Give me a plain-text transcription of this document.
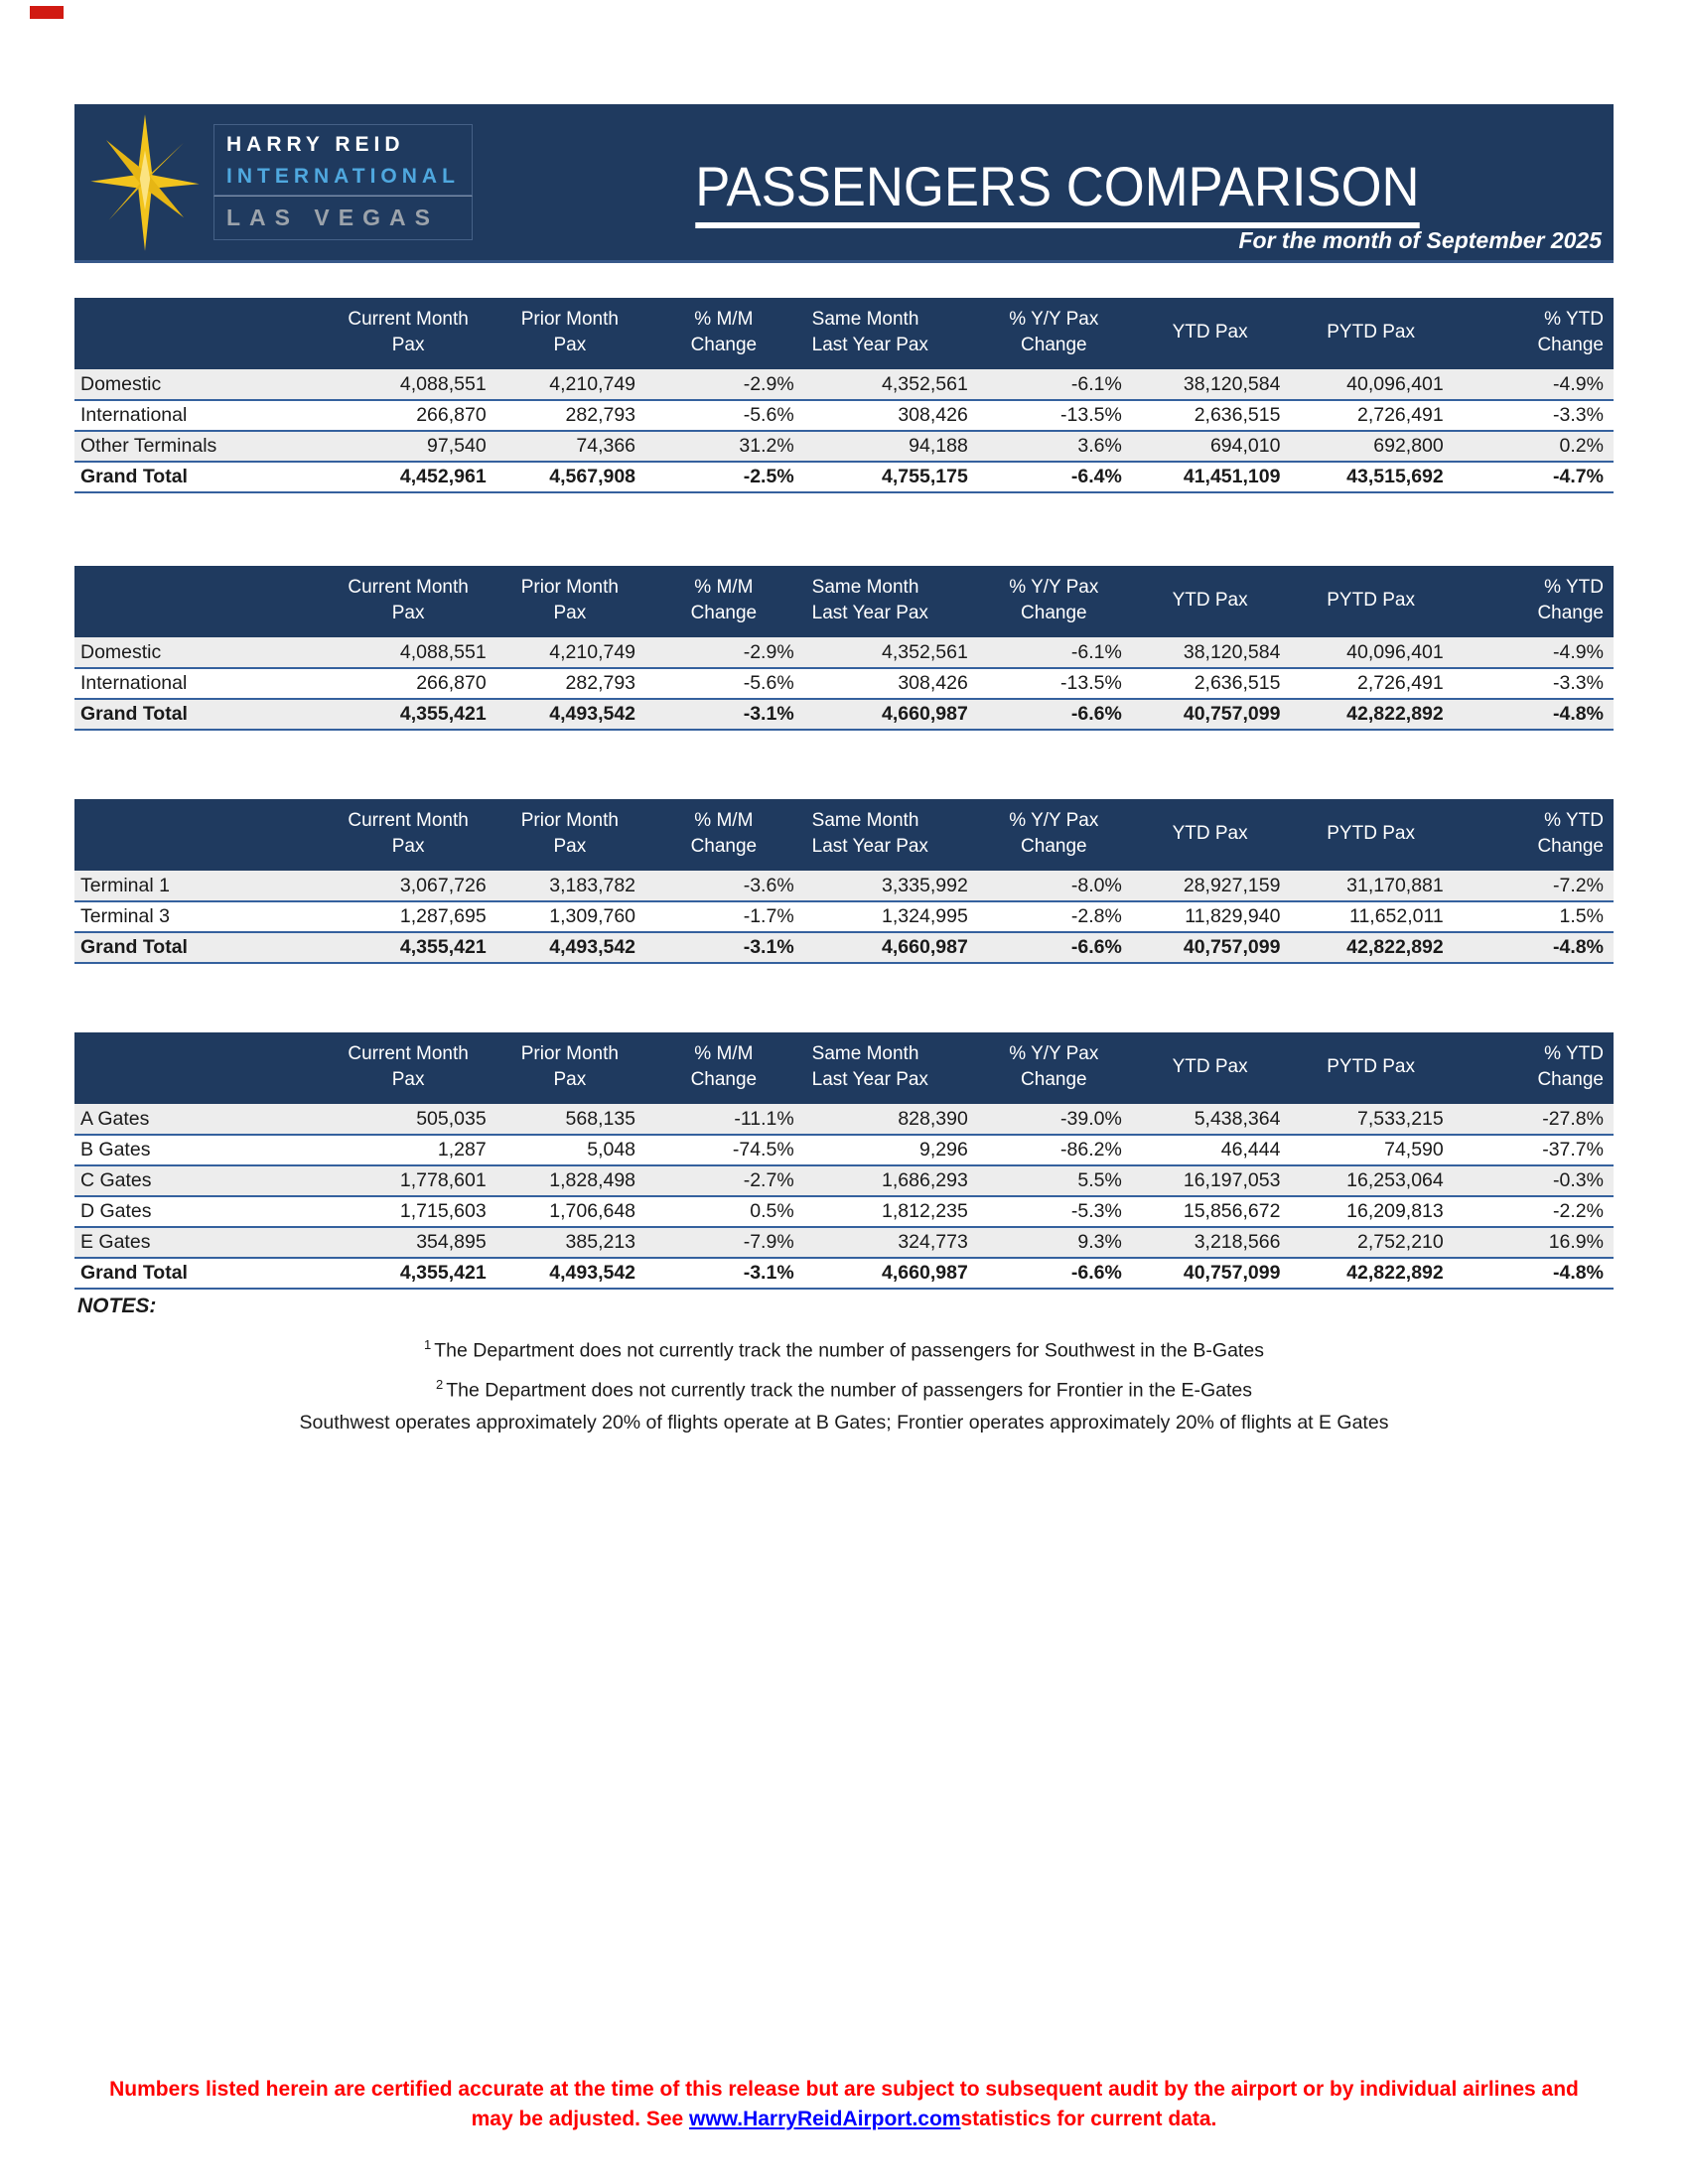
HARRY REID
INTERNATIONAL
LAS VEGAS	PASSENGERS COMPARISON
For the month of September 2025

Current Month
Pax

Prior Month
Pax

% M/M
Change

Same Month
Last Year Pax

% Y/Y Pax
Change

YTD Pax	PYTD Pax

% YTD
Change

Domestic	4,088,551	4,210,749	-2.9%	4,352,561	-6.1%	38,120,584	40,096,401	-4.9%
International	266,870	282,793	-5.6%	308,426	-13.5%	2,636,515	2,726,491	-3.3%
Other Terminals	97,540	74,366	31.2%	94,188	3.6%	694,010	692,800	0.2%
Grand Total	4,452,961	4,567,908	-2.5%	4,755,175	-6.4%	41,451,109	43,515,692	-4.7%

Current Month
Pax

Prior Month
Pax

% M/M
Change

Same Month
Last Year Pax

% Y/Y Pax
Change

YTD Pax	PYTD Pax

% YTD
Change

Domestic	4,088,551	4,210,749	-2.9%	4,352,561	-6.1%	38,120,584	40,096,401	-4.9%
International	266,870	282,793	-5.6%	308,426	-13.5%	2,636,515	2,726,491	-3.3%
Grand Total	4,355,421	4,493,542	-3.1%	4,660,987	-6.6%	40,757,099	42,822,892	-4.8%

Current Month
Pax

Prior Month
Pax

% M/M
Change

Same Month
Last Year Pax

% Y/Y Pax
Change

YTD Pax	PYTD Pax

% YTD
Change

Terminal 1	3,067,726	3,183,782	-3.6%	3,335,992	-8.0%	28,927,159	31,170,881	-7.2%
Terminal 3	1,287,695	1,309,760	-1.7%	1,324,995	-2.8%	11,829,940	11,652,011	1.5%
Grand Total	4,355,421	4,493,542	-3.1%	4,660,987	-6.6%	40,757,099	42,822,892	-4.8%

Current Month
Pax

Prior Month
Pax

% M/M
Change

Same Month
Last Year Pax

% Y/Y Pax
Change

YTD Pax	PYTD Pax

% YTD
Change

A Gates	505,035	568,135	-11.1%	828,390	-39.0%	5,438,364	7,533,215	-27.8%
B Gates	1,287	5,048	-74.5%	9,296	-86.2%	46,444	74,590	-37.7%
C Gates	1,778,601	1,828,498	-2.7%	1,686,293	5.5%	16,197,053	16,253,064	-0.3%
D Gates	1,715,603	1,706,648	0.5%	1,812,235	-5.3%	15,856,672	16,209,813	-2.2%
E Gates	354,895	385,213	-7.9%	324,773	9.3%	3,218,566	2,752,210	16.9%
Grand Total	4,355,421	4,493,542	-3.1%	4,660,987	-6.6%	40,757,099	42,822,892	-4.8%
NOTES:
$^1$ The Department does not currently track the number of passengers for Southwest in the B-Gates
$^2$ The Department does not currently track the number of passengers for Frontier in the E-Gates
Southwest operates approximately 20% of flights operate at B Gates; Frontier operates approximately 20% of flights at E Gates
Numbers listed herein are certified accurate at the time of this release but are subject to subsequent audit by the airport or by individual airlines and may be adjusted. See www.HarryReidAirport.comstatistics for current data.
